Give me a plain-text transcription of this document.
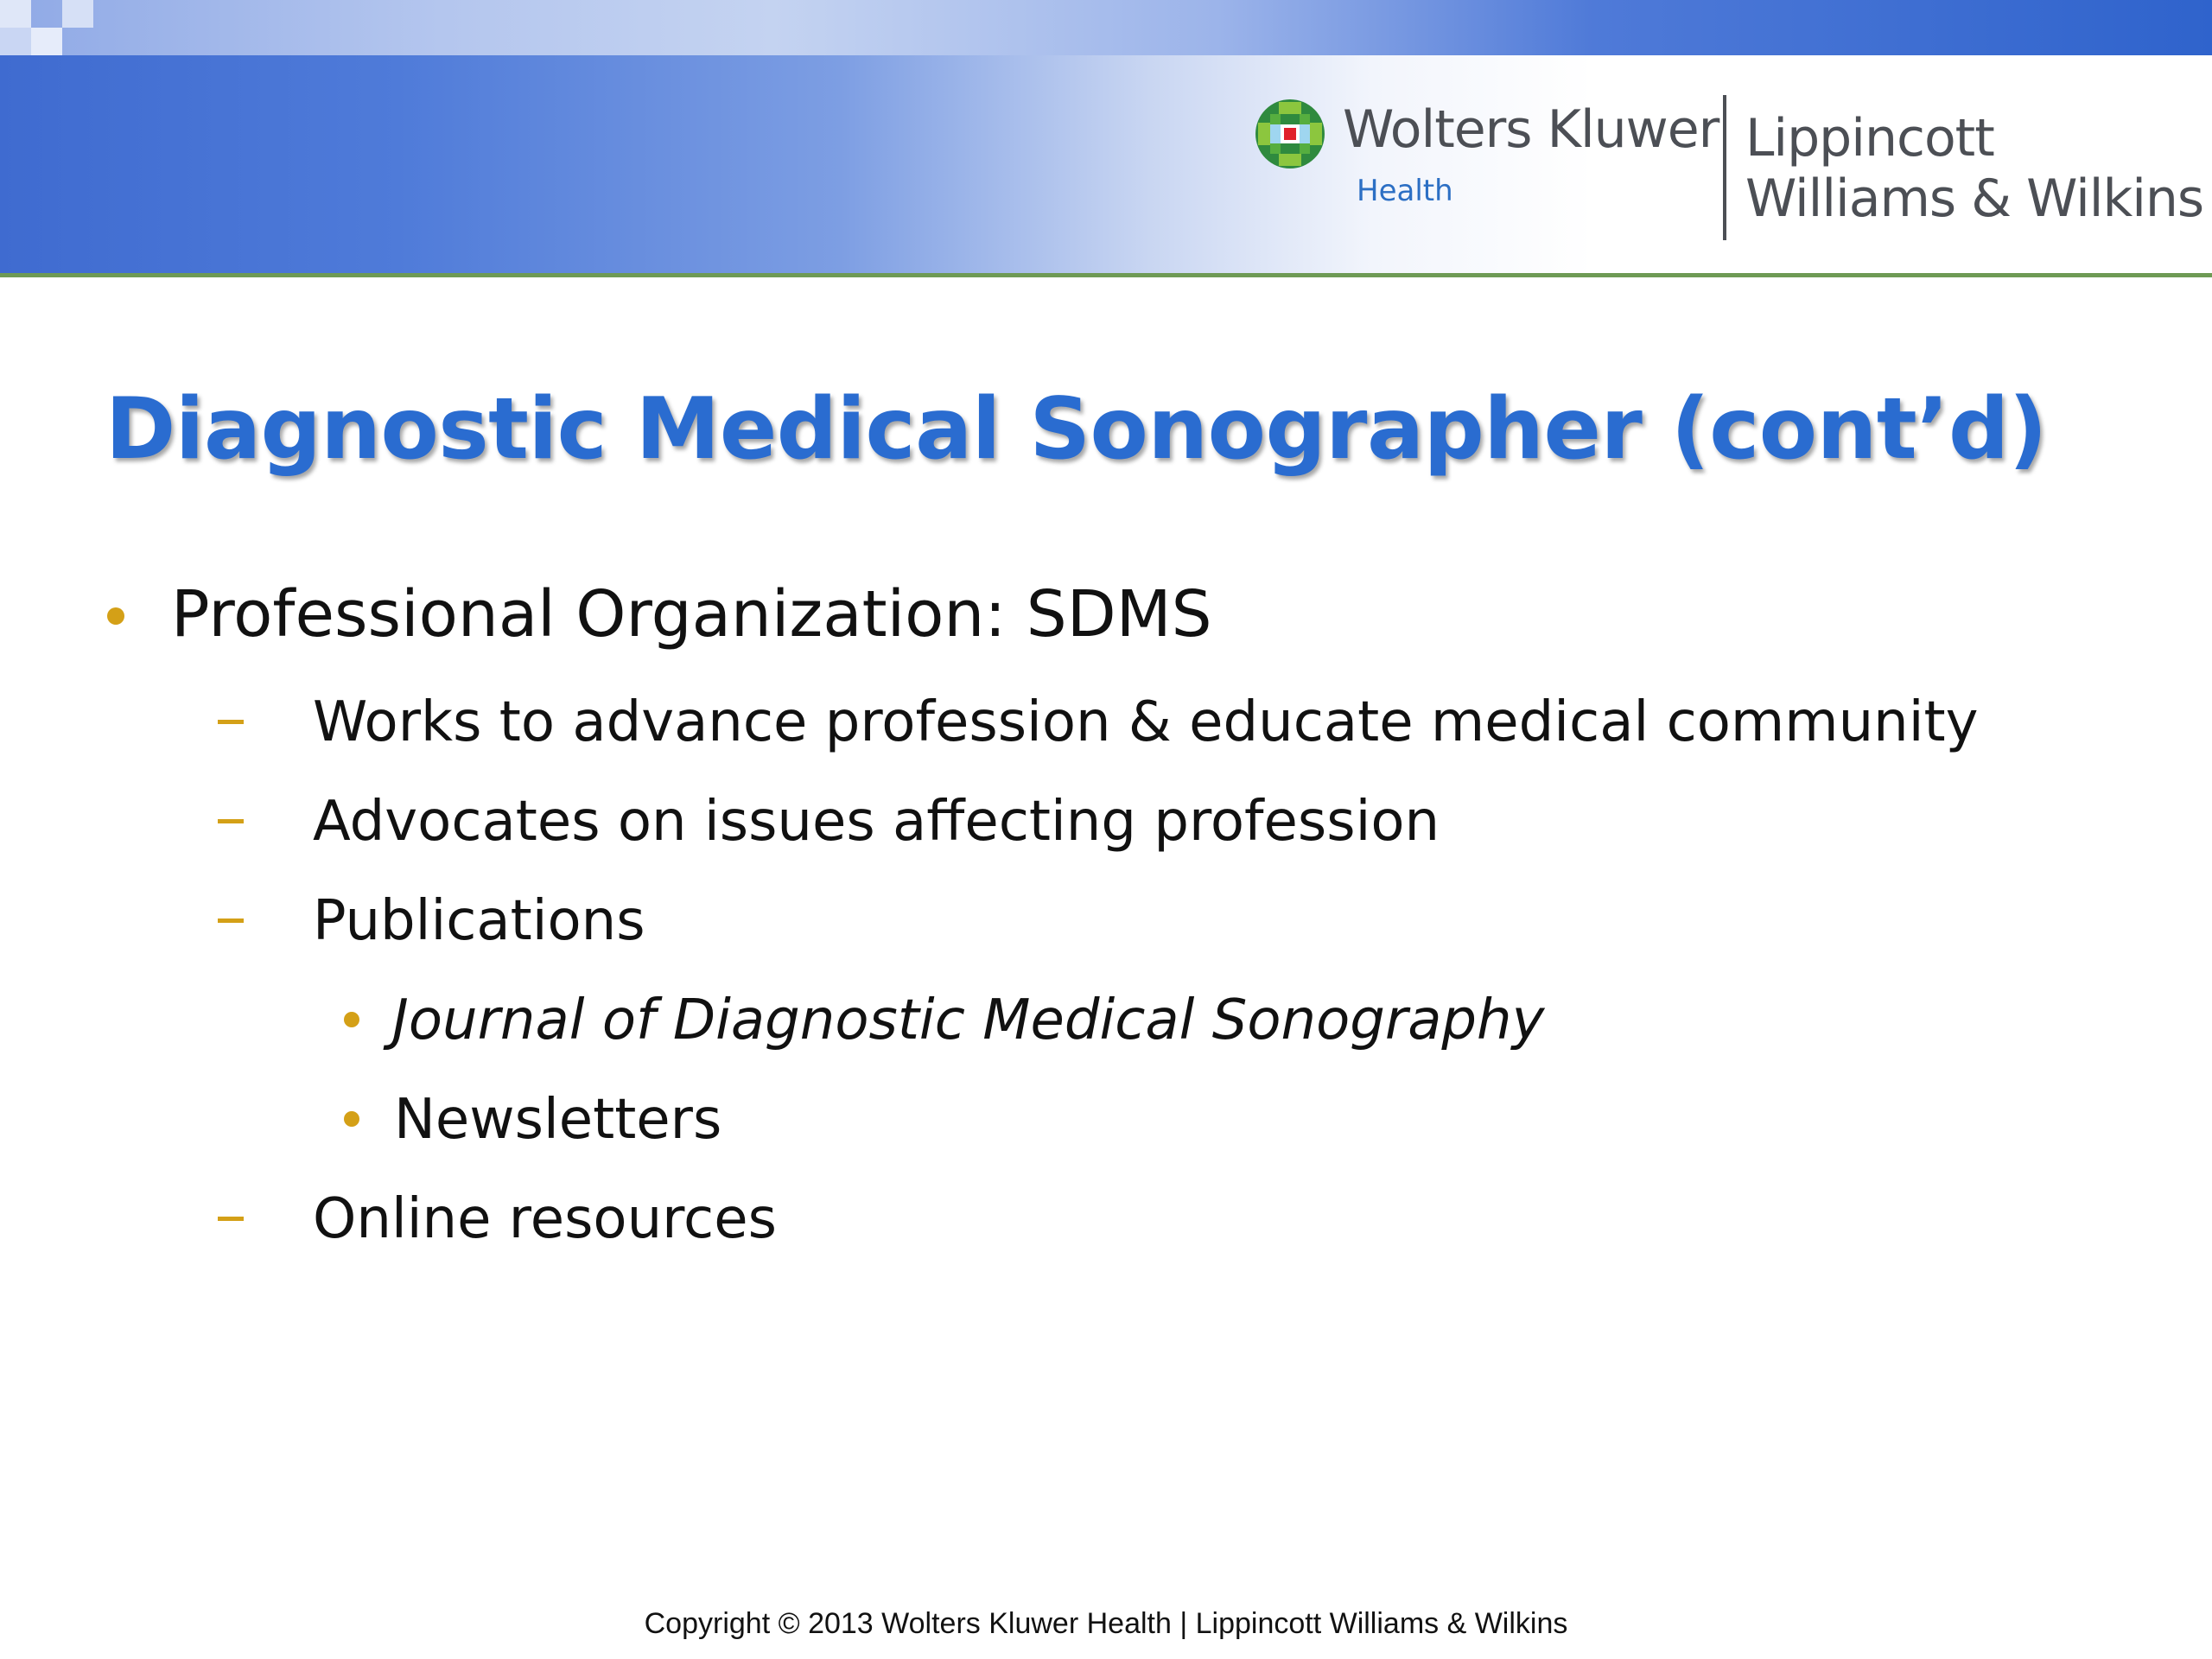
Wolters Kluwer
Health
Lippincott
Williams & Wilkins
Diagnostic Medical Sonographer (cont’d)
Professional Organization: SDMS
Works to advance profession & educate medical community
Advocates on issues affecting profession
Publications
Journal of Diagnostic Medical Sonography
Newsletters
Online resources
Copyright © 2013 Wolters Kluwer Health | Lippincott Williams & Wilkins
